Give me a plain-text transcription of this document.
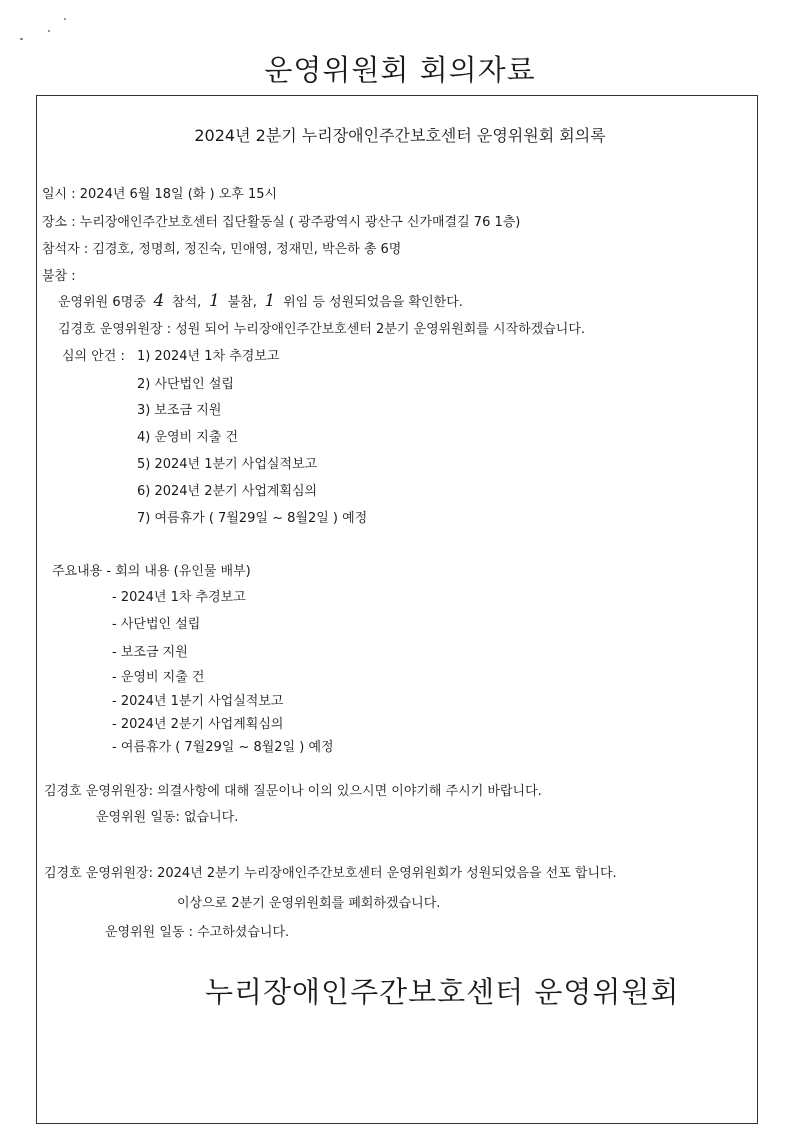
운영위원회 회의자료
2024년 2분기 누리장애인주간보호센터 운영위원회 회의록
일시 : 2024년 6월 18일 (화 ) 오후 15시
장소 : 누리장애인주간보호센터 집단활동실 ( 광주광역시 광산구 신가매결길 76 1층)
참석자 : 김경호, 정명희, 정진숙, 민애영, 정재민, 박은하 총 6명
불참 :
운영위원 6명중 4 참석, 1 불참, 1 위임 등 성원되었음을 확인한다.
김경호 운영위원장 : 성원 되어 누리장애인주간보호센터 2분기 운영위원회를 시작하겠습니다.
심의 안건 : 1) 2024년 1차 추경보고
2) 사단법인 설립
3) 보조금 지원
4) 운영비 지출 건
5) 2024년 1분기 사업실적보고
6) 2024년 2분기 사업계획심의
7) 여름휴가 ( 7월29일 ~ 8월2일 ) 예정
주요내용 - 회의 내용 (유인물 배부)
- 2024년 1차 추경보고
- 사단법인 설립
- 보조금 지원
- 운영비 지출 건
- 2024년 1분기 사업실적보고
- 2024년 2분기 사업계획심의
- 여름휴가 ( 7월29일 ~ 8월2일 ) 예정
김경호 운영위원장: 의결사항에 대해 질문이나 이의 있으시면 이야기해 주시기 바랍니다.
운영위원 일동: 없습니다.
김경호 운영위원장: 2024년 2분기 누리장애인주간보호센터 운영위원회가 성원되었음을 선포 합니다.
이상으로 2분기 운영위원회를 폐회하겠습니다.
운영위원 일동 : 수고하셨습니다.
누리장애인주간보호센터 운영위원회
